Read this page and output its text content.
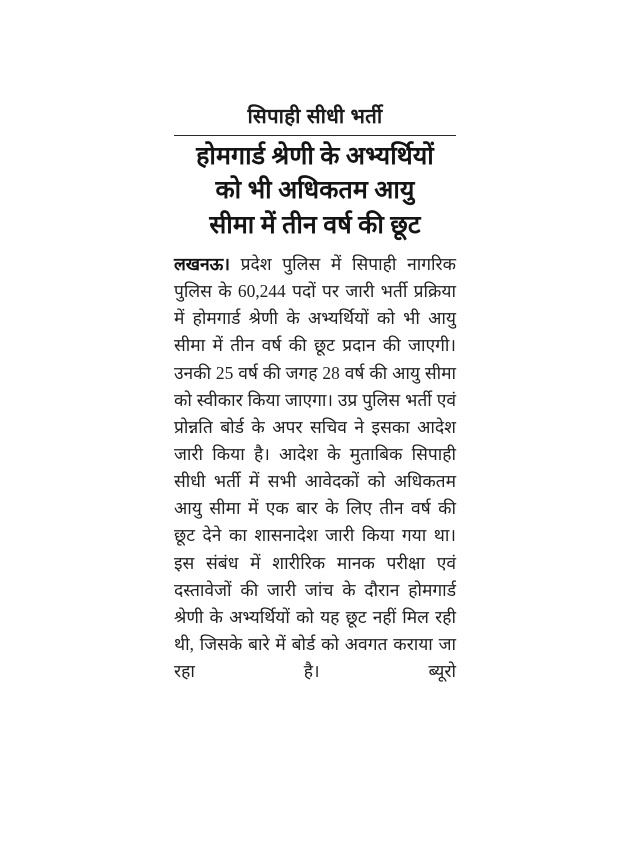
सिपाही सीधी भर्ती
होमगार्ड श्रेणी के अभ्यर्थियों
को भी अधिकतम आयु
सीमा में तीन वर्ष की छूट

लखनऊ। प्रदेश पुलिस में सिपाही नागरिक पुलिस के 60,244 पदों पर जारी भर्ती प्रक्रिया में होमगार्ड श्रेणी के अभ्यर्थियों को भी आयु सीमा में तीन वर्ष की छूट प्रदान की जाएगी। उनकी 25 वर्ष की जगह 28 वर्ष की आयु सीमा को स्वीकार किया जाएगा। उप्र पुलिस भर्ती एवं प्रोन्नति बोर्ड के अपर सचिव ने इसका आदेश जारी किया है। आदेश के मुताबिक सिपाही सीधी भर्ती में सभी आवेदकों को अधिकतम आयु सीमा में एक बार के लिए तीन वर्ष की छूट देने का शासनादेश जारी किया गया था। इस संबंध में शारीरिक मानक परीक्षा एवं दस्तावेजों की जारी जांच के दौरान होमगार्ड श्रेणी के अभ्यर्थियों को यह छूट नहीं मिल रही थी, जिसके बारे में बोर्ड को अवगत कराया जा रहा है। ब्यूरो
